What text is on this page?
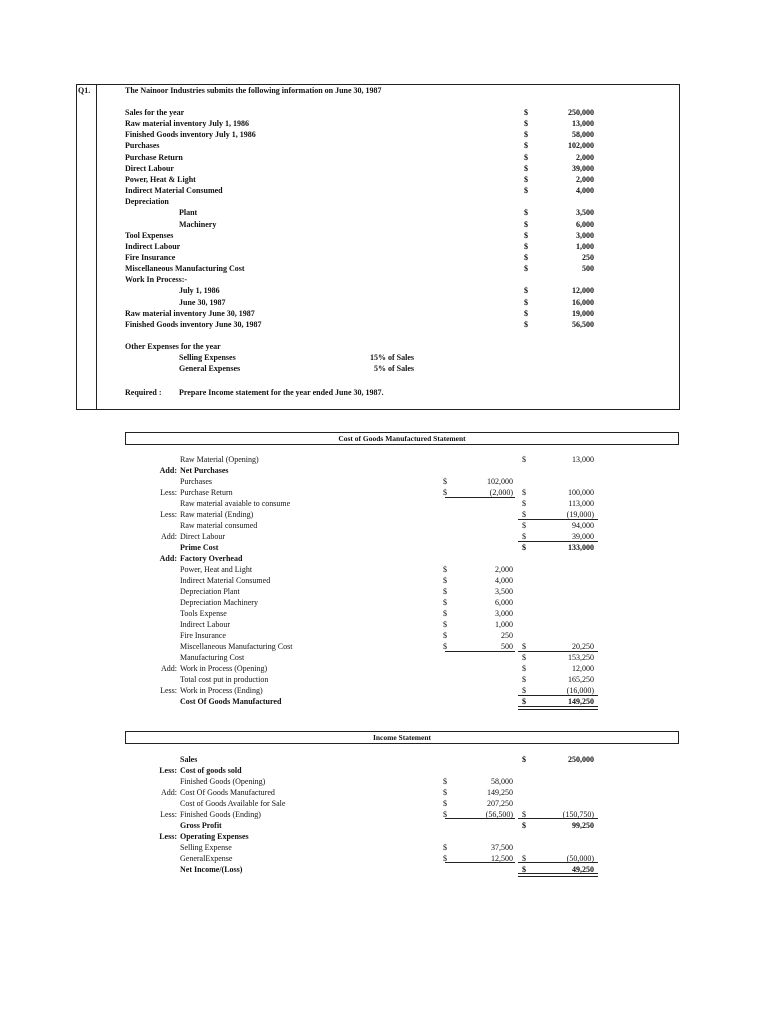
Q1.	The Nainoor Industries submits the following information on June 30, 1987
Sales for the year	$	250,000
Raw material inventory July 1, 1986	$	13,000
Finished Goods inventory July 1, 1986	$	58,000
Purchases	$	102,000
Purchase Return	$	2,000
Direct Labour	$	39,000
Power, Heat & Light	$	2,000
Indirect Material Consumed	$	4,000
Depreciation
Plant	$	3,500
Machinery	$	6,000
Tool Expenses	$	3,000
Indirect Labour	$	1,000
Fire Insurance	$	250
Miscellaneous Manufacturing Cost	$	500
Work In Process:-
July 1, 1986	$	12,000
June 30, 1987	$	16,000
Raw material inventory June 30, 1987	$	19,000
Finished Goods inventory June 30, 1987	$	56,500
Other Expenses for the year
Selling Expenses	15% of Sales
General Expenses	5% of Sales
Required : Prepare Income statement for the year ended June 30, 1987.
Cost of Goods Manufactured Statement
Raw Material (Opening)	$	13,000
Add: Net Purchases
Purchases	$	102,000
Less: Purchase Return	$	(2,000) $	100,000
Raw material avaiable to consume	$	113,000
Less: Raw material (Ending)	$	(19,000)
Raw material consumed	$	94,000
Add: Direct Labour	$	39,000
Prime Cost	$	133,000
Add: Factory Overhead
Power, Heat and Light	$	2,000
Indirect Material Consumed	$	4,000
Depreciation Plant	$	3,500
Depreciation Machinery	$	6,000
Tools Expense	$	3,000
Indirect Labour	$	1,000
Fire Insurance	$	250
Miscellaneous Manufacturing Cost	$	500 $	20,250
Manufacturing Cost	$	153,250
Add: Work in Process (Opening)	$	12,000
Total cost put in production	$	165,250
Less: Work in Process (Ending)	$	(16,000)
Cost Of Goods Manufactured	$	149,250
Income Statement
Sales	$	250,000
Less: Cost of goods sold
Finished Goods (Opening)	$	58,000
Add: Cost Of Goods Manufactured	$	149,250
Cost of Goods Available for Sale	$	207,250
Less: Finished Goods (Ending)	$	(56,500) $	(150,750)
Gross Profit	$	99,250
Less: Operating Expenses
Selling Expense	$	37,500
GeneralExpense	$	12,500 $	(50,000)
Net Income/(Loss)	$	49,250
